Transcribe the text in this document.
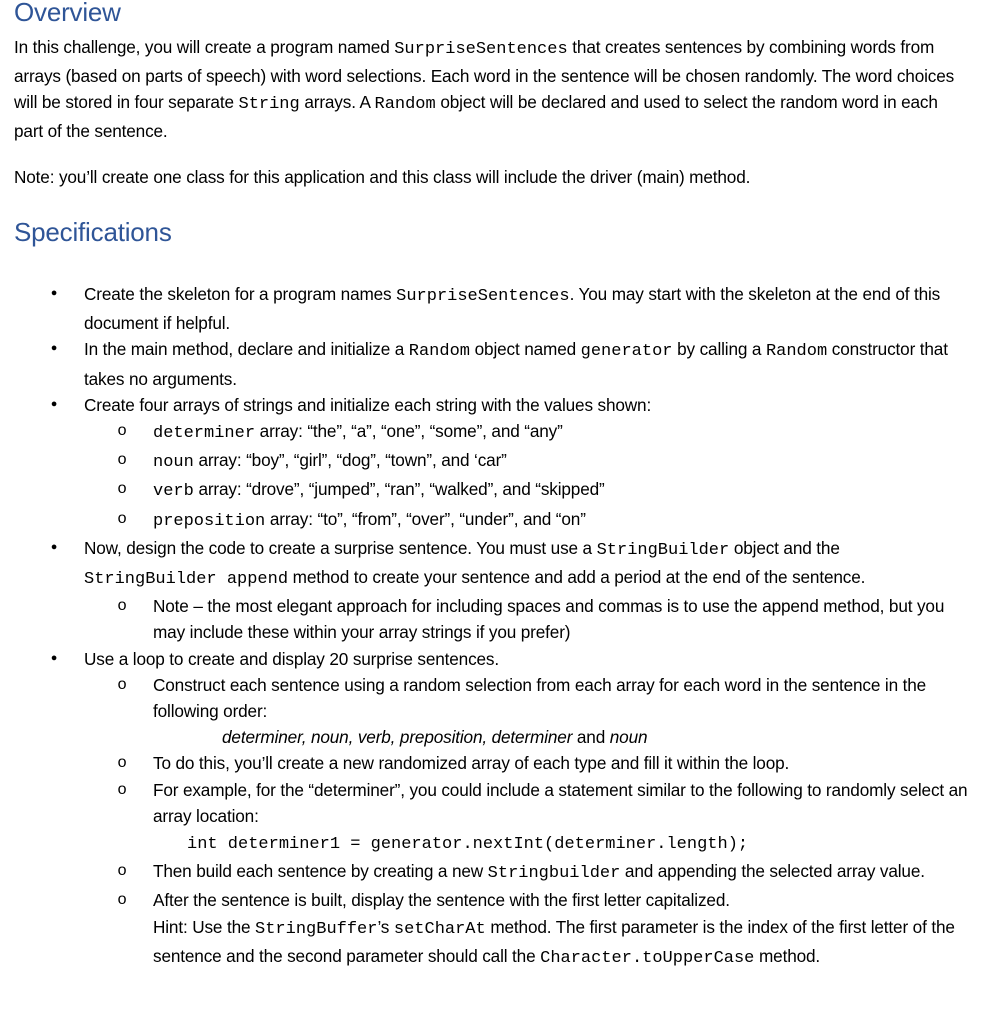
Overview

In this challenge, you will create a program named SurpriseSentences that creates sentences by combining words from arrays (based on parts of speech) with word selections. Each word in the sentence will be chosen randomly. The word choices will be stored in four separate String arrays. A Random object will be declared and used to select the random word in each part of the sentence.

Note: you’ll create one class for this application and this class will include the driver (main) method.

Specifications
●
Create the skeleton for a program names SurpriseSentences. You may start with the skeleton at the end of this document if helpful.
●
In the main method, declare and initialize a Random object named generator by calling a Random constructor that takes no arguments.
●
Create four arrays of strings and initialize each string with the values shown:
o
determiner array: “the”, “a”, “one”, “some”, and “any”
o
noun array: “boy”, “girl”, “dog”, “town”, and ‘car”
o
verb array: “drove”, “jumped”, “ran”, “walked”, and “skipped”
o
preposition array: “to”, “from”, “over”, “under”, and “on”
●
Now, design the code to create a surprise sentence. You must use a StringBuilder object and the StringBuilder append method to create your sentence and add a period at the end of the sentence.
o
Note – the most elegant approach for including spaces and commas is to use the append method, but you may include these within your array strings if you prefer)
●
Use a loop to create and display 20 surprise sentences.
o
Construct each sentence using a random selection from each array for each word in the sentence in the following order:
determiner, noun, verb, preposition, determiner and noun
o
To do this, you’ll create a new randomized array of each type and fill it within the loop.
o
For example, for the “determiner”, you could include a statement similar to the following to randomly select an array location:
int determiner1 = generator.nextInt(determiner.length);
o
Then build each sentence by creating a new Stringbuilder and appending the selected array value.
o
After the sentence is built, display the sentence with the first letter capitalized.
Hint: Use the StringBuffer’s setCharAt method. The first parameter is the index of the first letter of the sentence and the second parameter should call the Character.toUpperCase method.
